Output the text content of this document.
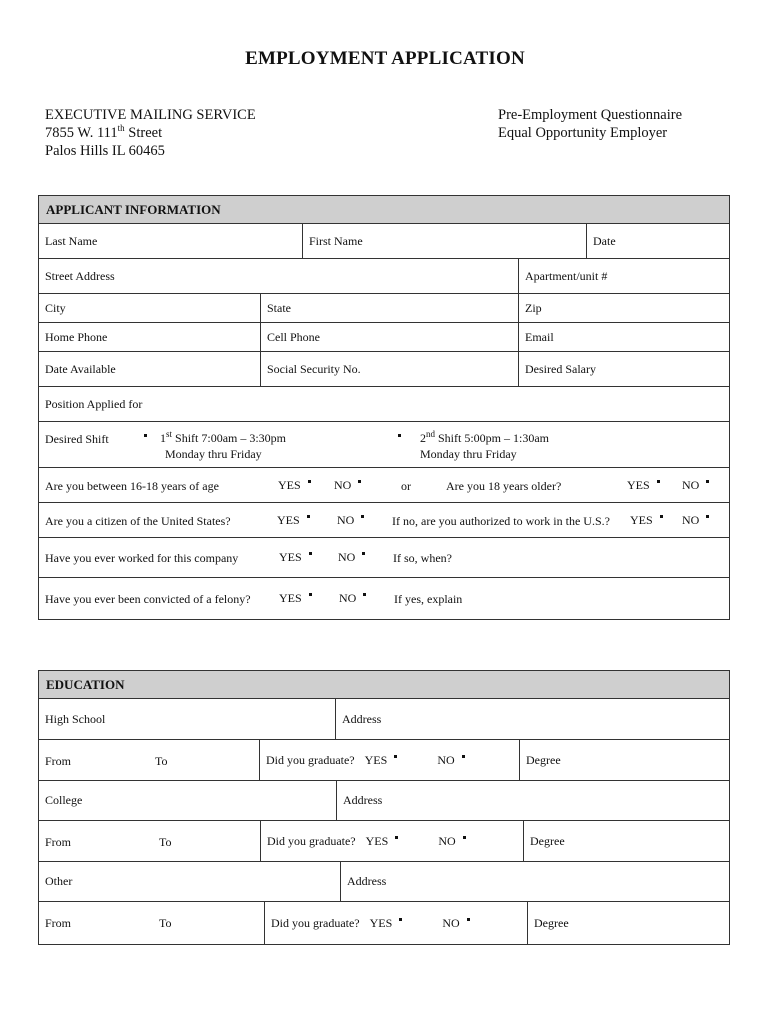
EMPLOYMENT APPLICATION
EXECUTIVE MAILING SERVICE
7855 W. 111th Street
Palos Hills IL 60465
Pre-Employment Questionnaire
Equal Opportunity Employer
APPLICANT INFORMATION
Last Name	First Name	Date
Street Address	Apartment/unit #
City	State	Zip
Home Phone	Cell Phone	Email
Date Available	Social Security No.	Desired Salary
Position Applied for
Desired Shift	1st Shift 7:00am – 3:30pm
Monday thru Friday
2nd Shift 5:00pm – 1:30am
Monday thru Friday
Are you between 16-18 years of age	YES	NO	or	Are you 18 years older?	YES	NO
Are you a citizen of the United States?	YES	NO	If no, are you authorized to work in the U.S.? YES	NO
Have you ever worked for this company	YES	NO	If so, when?
Have you ever been convicted of a felony? YES	NO	If yes, explain
EDUCATION
High School	Address
From	To	Did you graduate? YES	NO	Degree
College	Address
From	To	Did you graduate? YES	NO	Degree
Other	Address
From	To	Did you graduate? YES	NO	Degree
